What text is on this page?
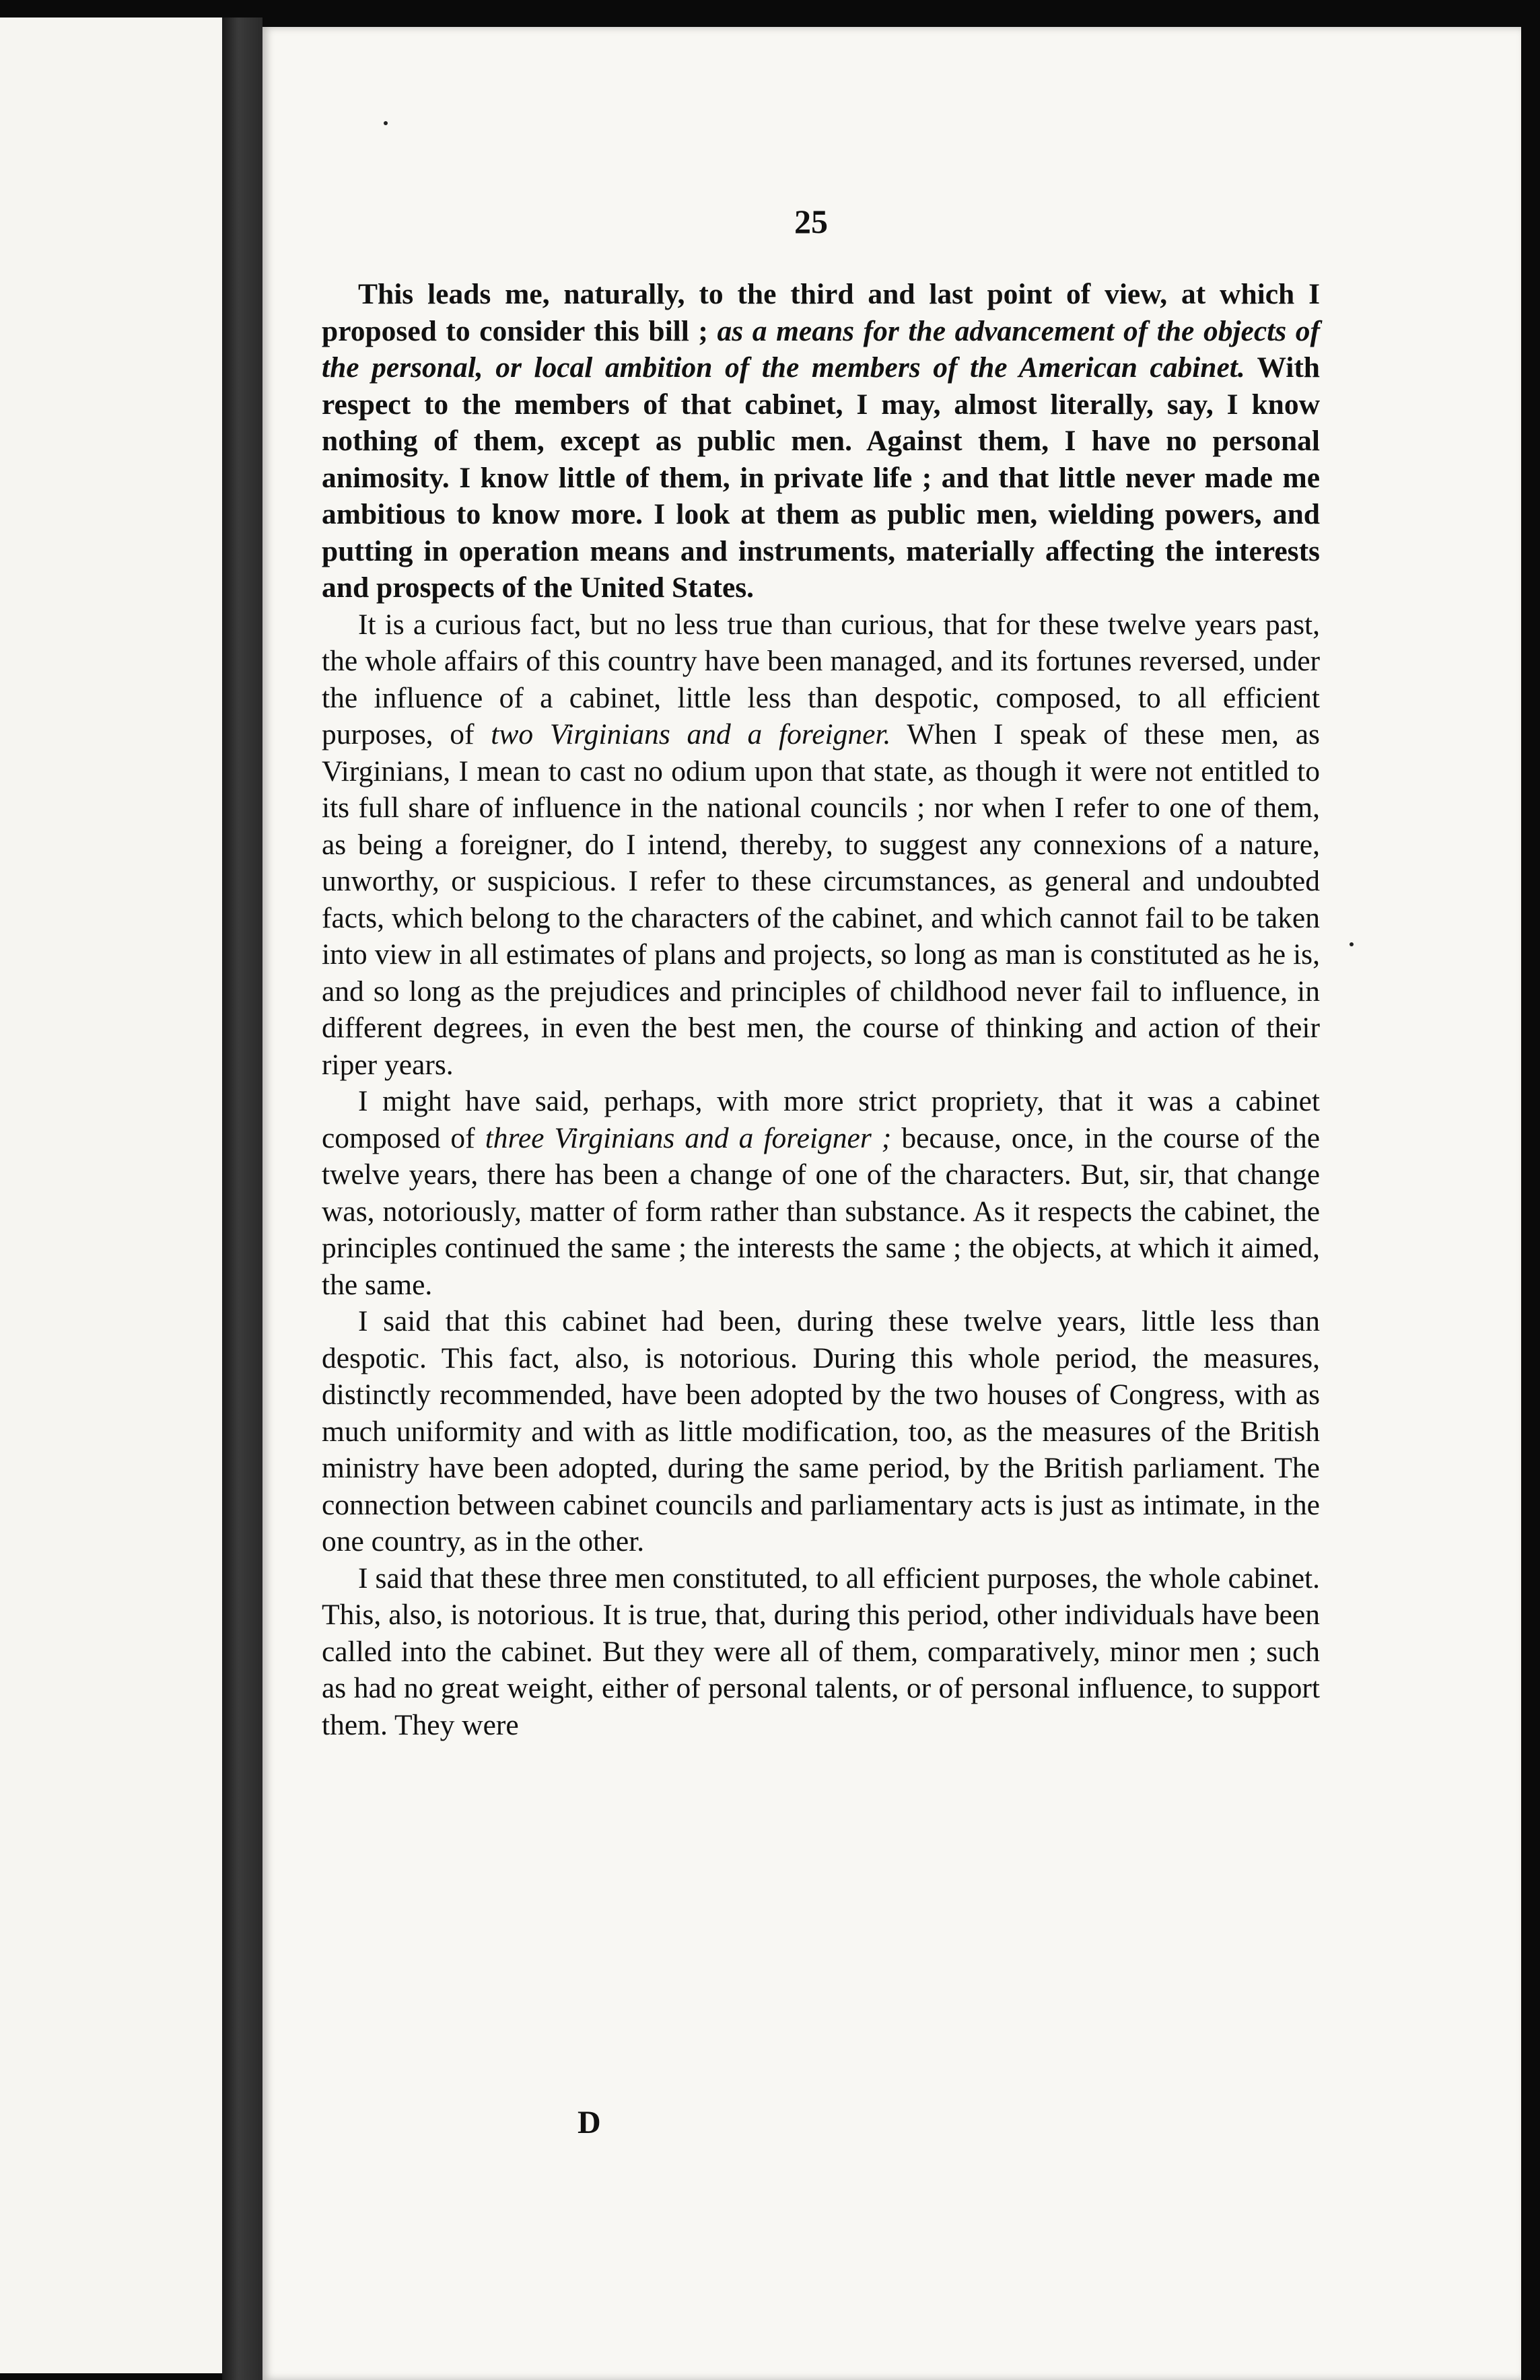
25

This leads me, naturally, to the third and last point of view, at which I proposed to consider this bill ; as a means for the advancement of the objects of the personal, or local ambition of the members of the American cabinet. With respect to the members of that cabinet, I may, almost literally, say, I know nothing of them, except as public men. Against them, I have no personal animosity. I know little of them, in private life ; and that little never made me ambitious to know more. I look at them as public men, wielding powers, and putting in operation means and instruments, materially affecting the interests and prospects of the United States.

It is a curious fact, but no less true than curious, that for these twelve years past, the whole affairs of this country have been managed, and its fortunes reversed, under the influence of a cabinet, little less than despotic, composed, to all efficient purposes, of two Virginians and a foreigner. When I speak of these men, as Virginians, I mean to cast no odium upon that state, as though it were not entitled to its full share of influence in the national councils ; nor when I refer to one of them, as being a foreigner, do I intend, thereby, to suggest any connexions of a nature, unworthy, or suspicious. I refer to these circumstances, as general and undoubted facts, which belong to the characters of the cabinet, and which cannot fail to be taken into view in all estimates of plans and projects, so long as man is constituted as he is, and so long as the prejudices and principles of childhood never fail to influence, in different degrees, in even the best men, the course of thinking and action of their riper years.

I might have said, perhaps, with more strict propriety, that it was a cabinet composed of three Virginians and a foreigner ; because, once, in the course of the twelve years, there has been a change of one of the characters. But, sir, that change was, notoriously, matter of form rather than substance. As it respects the cabinet, the principles continued the same ; the interests the same ; the objects, at which it aimed, the same.

I said that this cabinet had been, during these twelve years, little less than despotic. This fact, also, is notorious. During this whole period, the measures, distinctly recommended, have been adopted by the two houses of Congress, with as much uniformity and with as little modification, too, as the measures of the British ministry have been adopted, during the same period, by the British parliament. The connection between cabinet councils and parliamentary acts is just as intimate, in the one country, as in the other.

I said that these three men constituted, to all efficient purposes, the whole cabinet. This, also, is notorious. It is true, that, during this period, other individuals have been called into the cabinet. But they were all of them, comparatively, minor men ; such as had no great weight, either of personal talents, or of personal influence, to support them. They were

D
